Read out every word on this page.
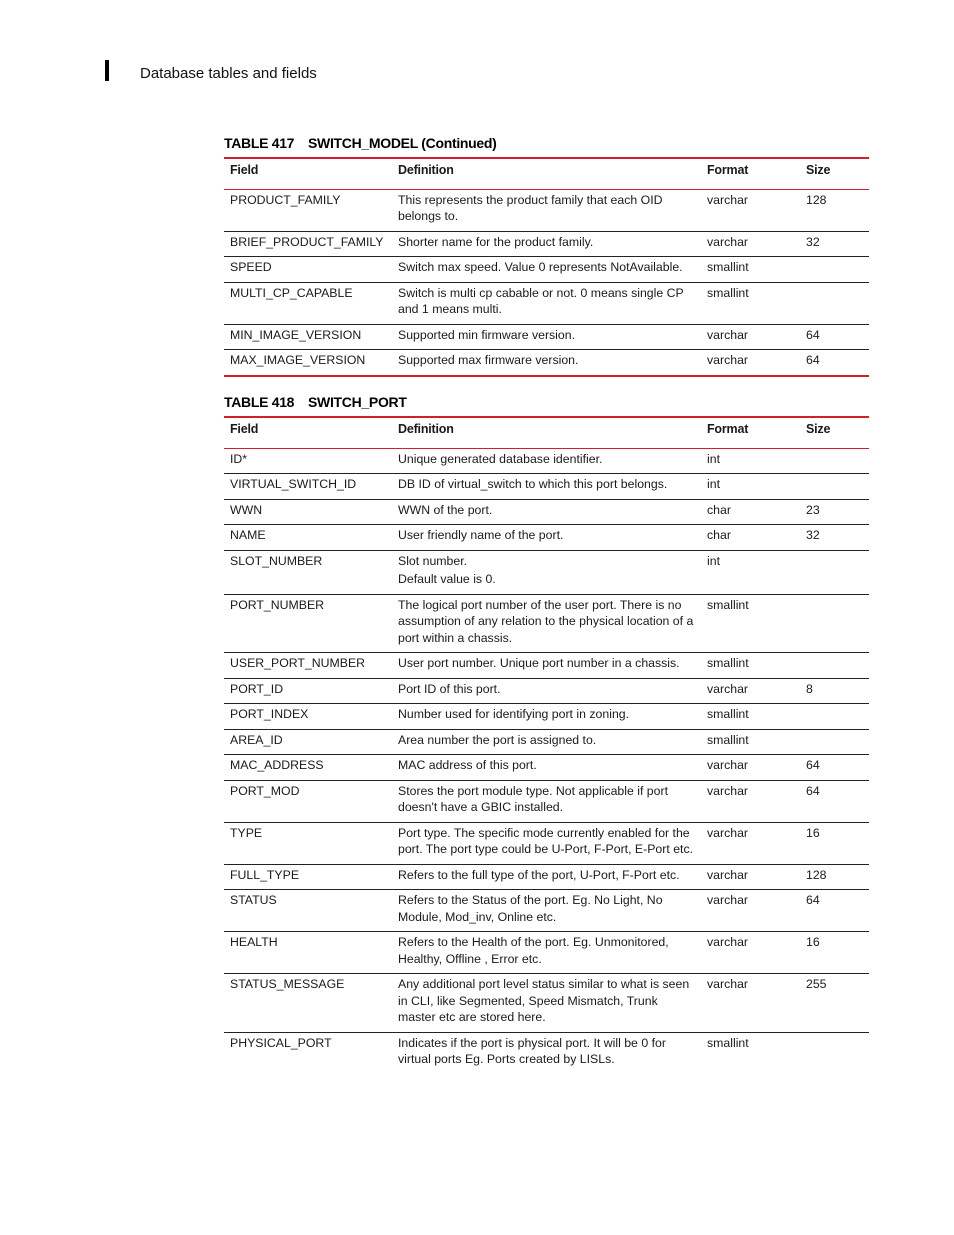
Database tables and fields
TABLE 417 SWITCH_MODEL (Continued)
Field	Definition	Format	Size
PRODUCT_FAMILY	This represents the product family that each OID belongs to.	varchar	128
BRIEF_PRODUCT_FAMILY	Shorter name for the product family.	varchar	32
SPEED	Switch max speed. Value 0 represents NotAvailable.	smallint	
MULTI_CP_CAPABLE	Switch is multi cp cabable or not. 0 means single CP and 1 means multi.	smallint	
MIN_IMAGE_VERSION	Supported min firmware version.	varchar	64
MAX_IMAGE_VERSION	Supported max firmware version.	varchar	64
TABLE 418 SWITCH_PORT
Field	Definition	Format	Size
ID*	Unique generated database identifier.	int	
VIRTUAL_SWITCH_ID	DB ID of virtual_switch to which this port belongs.	int	
WWN	WWN of the port.	char	23
NAME	User friendly name of the port.	char	32
SLOT_NUMBER	Slot number.

Default value is 0.	int	
PORT_NUMBER	The logical port number of the user port. There is no assumption of any relation to the physical location of a port within a chassis.	smallint	
USER_PORT_NUMBER	User port number. Unique port number in a chassis.	smallint	
PORT_ID	Port ID of this port.	varchar	8
PORT_INDEX	Number used for identifying port in zoning.	smallint	
AREA_ID	Area number the port is assigned to.	smallint	
MAC_ADDRESS	MAC address of this port.	varchar	64
PORT_MOD	Stores the port module type. Not applicable if port doesn't have a GBIC installed.	varchar	64
TYPE	Port type. The specific mode currently enabled for the port. The port type could be U-Port, F-Port, E-Port etc.	varchar	16
FULL_TYPE	Refers to the full type of the port, U-Port, F-Port etc.	varchar	128
STATUS	Refers to the Status of the port. Eg. No Light, No Module, Mod_inv, Online etc.	varchar	64
HEALTH	Refers to the Health of the port. Eg. Unmonitored, Healthy, Offline , Error etc.	varchar	16
STATUS_MESSAGE	Any additional port level status similar to what is seen in CLI, like Segmented, Speed Mismatch, Trunk master etc are stored here.	varchar	255
PHYSICAL_PORT	Indicates if the port is physical port. It will be 0 for virtual ports Eg. Ports created by LISLs.	smallint	
